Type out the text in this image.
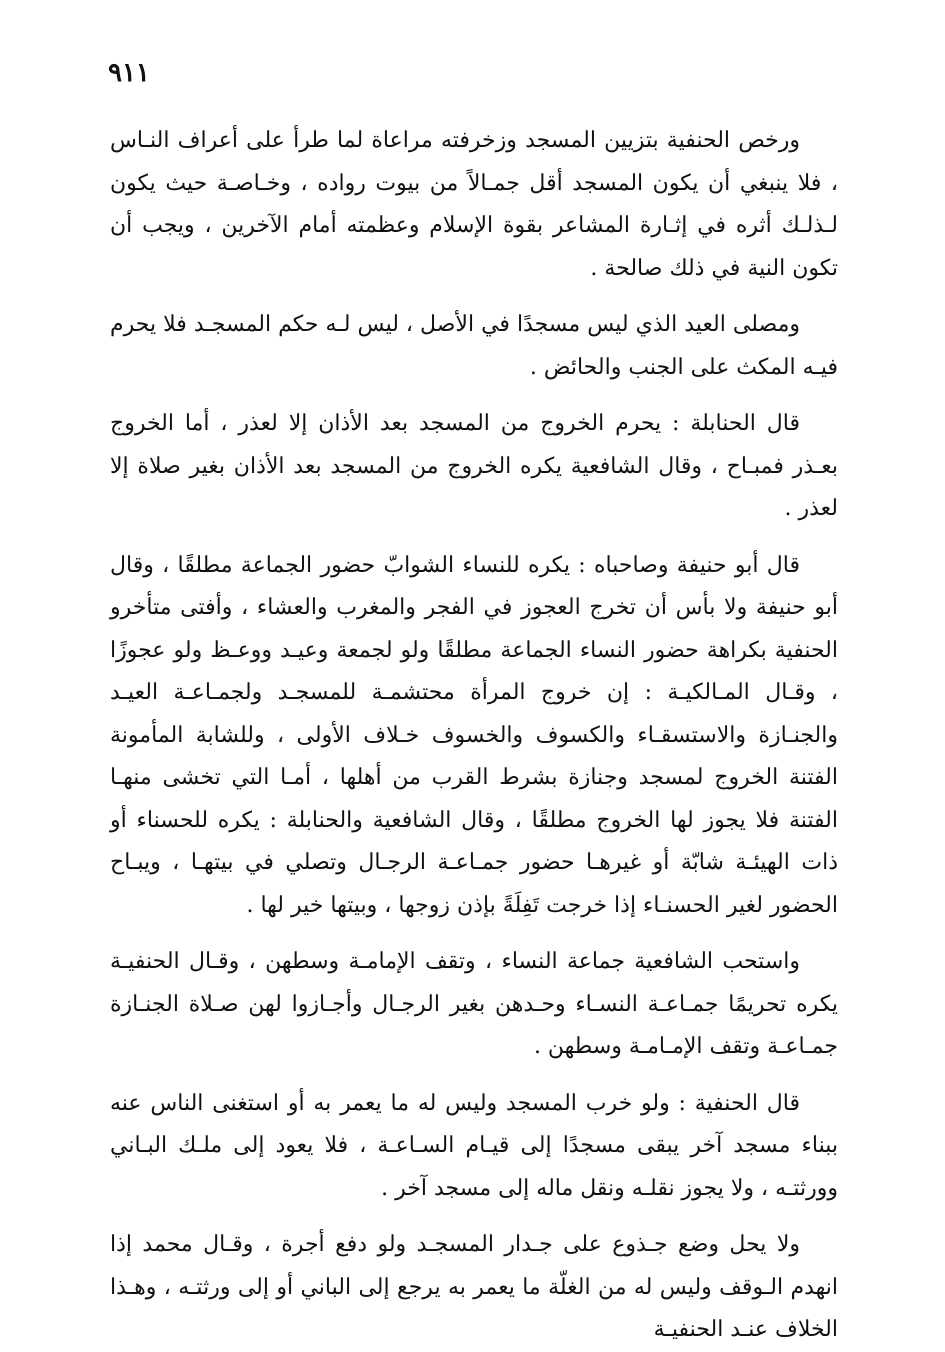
٩١١

ورخص الحنفية بتزيين المسجد وزخرفته مراعاة لما طرأ على أعراف النـاس ، فلا ينبغي أن يكون المسجد أقل جمـالاً من بيوت رواده ، وخـاصـة حيث يكون لـذلـك أثره في إثـارة المشاعر بقوة الإسلام وعظمته أمام الآخرين ، ويجب أن تكون النية في ذلك صالحة .

ومصلى العيد الذي ليس مسجدًا في الأصل ، ليس لـه حكم المسجـد فلا يحرم فيـه المكث على الجنب والحائض .

قال الحنابلة : يحرم الخروج من المسجد بعد الأذان إلا لعذر ، أما الخروج بعـذر فمبـاح ، وقال الشافعية يكره الخروج من المسجد بعد الأذان بغير صلاة إلا لعذر .

قال أبو حنيفة وصاحباه : يكره للنساء الشوابّ حضور الجماعة مطلقًا ، وقال أبو حنيفة ولا بأس أن تخرج العجوز في الفجر والمغرب والعشاء ، وأفتى متأخرو الحنفية بكراهة حضور النساء الجماعة مطلقًا ولو لجمعة وعيـد ووعـظ ولو عجوزًا ، وقـال المـالكيـة : إن خروج المرأة محتشمـة للمسجـد ولجمـاعـة العيـد والجنـازة والاستسقـاء والكسوف والخسوف خـلاف الأولى ، وللشابة المأمونة الفتنة الخروج لمسجد وجنازة بشرط القرب من أهلها ، أمـا التي تخشى منهـا الفتنة فلا يجوز لها الخروج مطلقًا ، وقال الشافعية والحنابلة : يكره للحسناء أو ذات الهيئـة شابّة أو غيرهـا حضور جمـاعـة الرجـال وتصلي في بيتهـا ، ويبـاح الحضور لغير الحسنـاء إذا خرجت تَفِلَةً بإذن زوجها ، وبيتها خير لها .

واستحب الشافعية جماعة النساء ، وتقف الإمامـة وسطهن ، وقـال الحنفيـة يكره تحريمًا جمـاعـة النسـاء وحـدهن بغير الرجـال وأجـازوا لهن صـلاة الجنـازة جمـاعـة وتقف الإمـامـة وسطهن .

قال الحنفية : ولو خرب المسجد وليس له ما يعمر به أو استغنى الناس عنه ببناء مسجد آخر يبقى مسجدًا إلى قيـام السـاعـة ، فلا يعود إلى ملـك البـاني وورثتـه ، ولا يجوز نقلـه ونقل ماله إلى مسجد آخر .

ولا يحل وضع جـذوع على جـدار المسجـد ولو دفع أجرة ، وقـال محمد إذا انهدم الـوقف وليس له من الغلّة ما يعمر به يرجع إلى الباني أو إلى ورثتـه ، وهـذا الخلاف عنـد الحنفيـة
